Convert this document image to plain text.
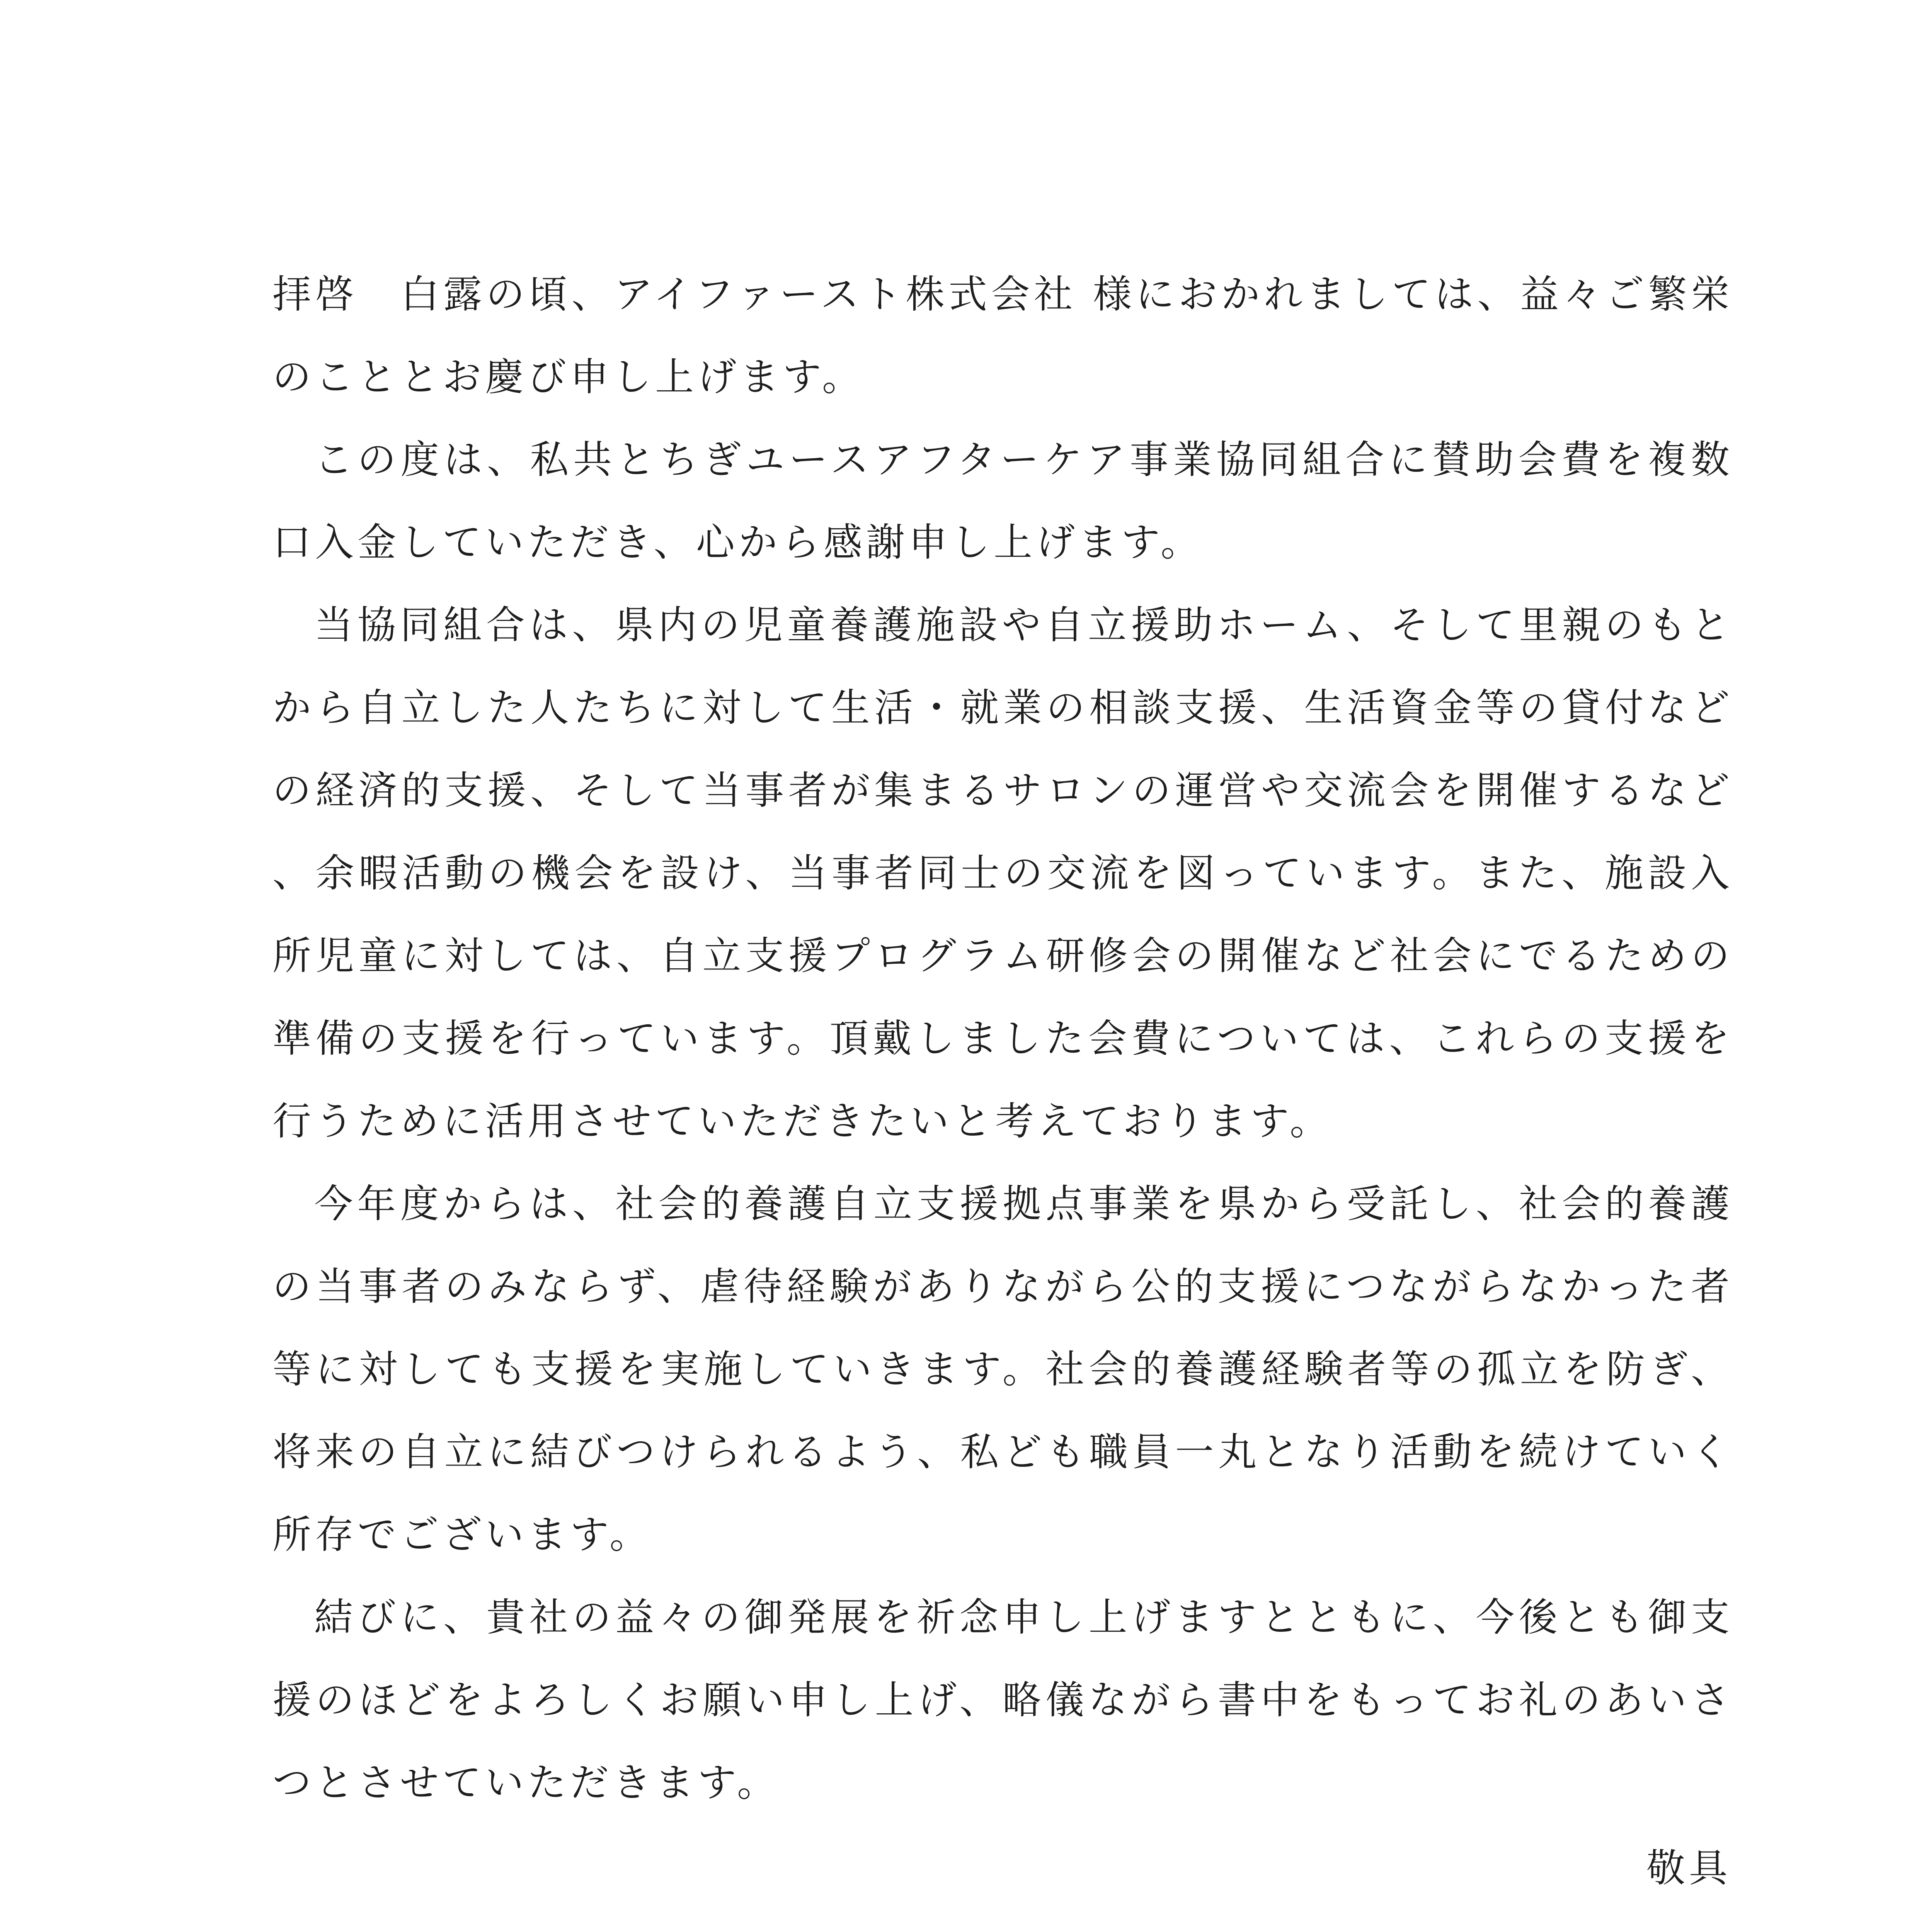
拝啓　白露の頃、アイファースト株式会社 様におかれましては、益々ご繁栄のこととお慶び申し上げます。

この度は、私共とちぎユースアフターケア事業協同組合に賛助会費を複数口入金していただき、心から感謝申し上げます。

当協同組合は、県内の児童養護施設や自立援助ホーム、そして里親のもとから自立した人たちに対して生活・就業の相談支援、生活資金等の貸付などの経済的支援、そして当事者が集まるサロンの運営や交流会を開催するなど、余暇活動の機会を設け、当事者同士の交流を図っています。また、施設入所児童に対しては、自立支援プログラム研修会の開催など社会にでるための準備の支援を行っています。頂戴しました会費については、これらの支援を行うために活用させていただきたいと考えております。

今年度からは、社会的養護自立支援拠点事業を県から受託し、社会的養護の当事者のみならず、虐待経験がありながら公的支援につながらなかった者等に対しても支援を実施していきます。社会的養護経験者等の孤立を防ぎ、将来の自立に結びつけられるよう、私ども職員一丸となり活動を続けていく所存でございます。

結びに、貴社の益々の御発展を祈念申し上げますとともに、今後とも御支援のほどをよろしくお願い申し上げ、略儀ながら書中をもってお礼のあいさつとさせていただきます。

敬具
